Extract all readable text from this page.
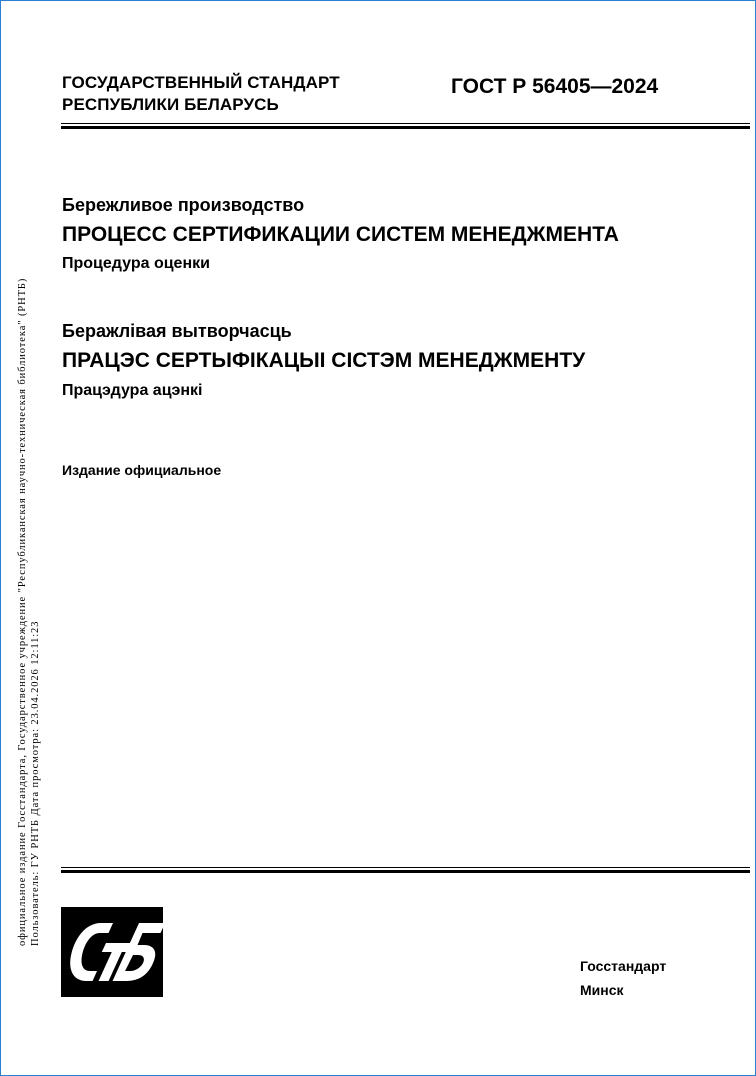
ГОСУДАРСТВЕННЫЙ СТАНДАРТ
РЕСПУБЛИКИ БЕЛАРУСЬ
ГОСТ Р 56405—2024
Бережливое производство
ПРОЦЕСС СЕРТИФИКАЦИИ СИСТЕМ МЕНЕДЖМЕНТА
Процедура оценки
Беражлівая вытворчасць
ПРАЦЭС СЕРТЫФІКАЦЫІ СІСТЭМ МЕНЕДЖМЕНТУ
Працэдура ацэнкі
Издание официальное
официальное издание Госстандарта, Государственное учреждение "Республиканская научно-техническая библиотека" (РНТБ) Пользователь: ГУ РНТБ Дата просмотра: 23.04.2026 12:11:23
Госстандарт
Минск
